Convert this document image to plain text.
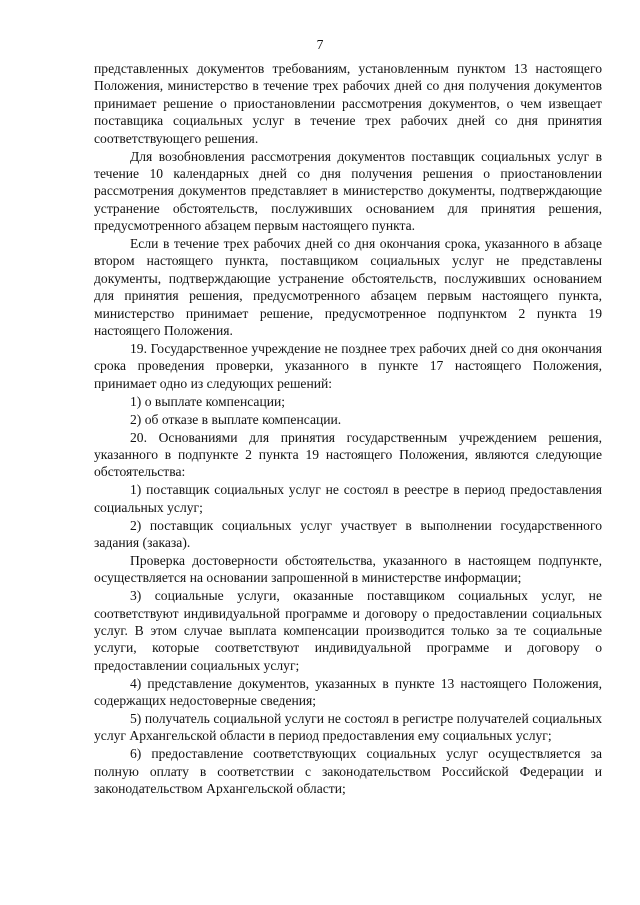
7

представленных документов требованиям, установленным пунктом 13 настоящего Положения, министерство в течение трех рабочих дней со дня получения документов принимает решение о приостановлении рассмотрения документов, о чем извещает поставщика социальных услуг в течение трех рабочих дней со дня принятия соответствующего решения.

Для возобновления рассмотрения документов поставщик социальных услуг в течение 10 календарных дней со дня получения решения о приостановлении рассмотрения документов представляет в министерство документы, подтверждающие устранение обстоятельств, послуживших основанием для принятия решения, предусмотренного абзацем первым настоящего пункта.

Если в течение трех рабочих дней со дня окончания срока, указанного в абзаце втором настоящего пункта, поставщиком социальных услуг не представлены документы, подтверждающие устранение обстоятельств, послуживших основанием для принятия решения, предусмотренного абзацем первым настоящего пункта, министерство принимает решение, предусмотренное подпунктом 2 пункта 19 настоящего Положения.

19. Государственное учреждение не позднее трех рабочих дней со дня окончания срока проведения проверки, указанного в пункте 17 настоящего Положения, принимает одно из следующих решений:

1) о выплате компенсации;

2) об отказе в выплате компенсации.

20. Основаниями для принятия государственным учреждением решения, указанного в подпункте 2 пункта 19 настоящего Положения, являются следующие обстоятельства:

1) поставщик социальных услуг не состоял в реестре в период предоставления социальных услуг;

2) поставщик социальных услуг участвует в выполнении государственного задания (заказа).

Проверка достоверности обстоятельства, указанного в настоящем подпункте, осуществляется на основании запрошенной в министерстве информации;

3) социальные услуги, оказанные поставщиком социальных услуг, не соответствуют индивидуальной программе и договору о предоставлении социальных услуг. В этом случае выплата компенсации производится только за те социальные услуги, которые соответствуют индивидуальной программе и договору о предоставлении социальных услуг;

4) представление документов, указанных в пункте 13 настоящего Положения, содержащих недостоверные сведения;

5) получатель социальной услуги не состоял в регистре получателей социальных услуг Архангельской области в период предоставления ему социальных услуг;

6) предоставление соответствующих социальных услуг осуществляется за полную оплату в соответствии с законодательством Российской Федерации и законодательством Архангельской области;
